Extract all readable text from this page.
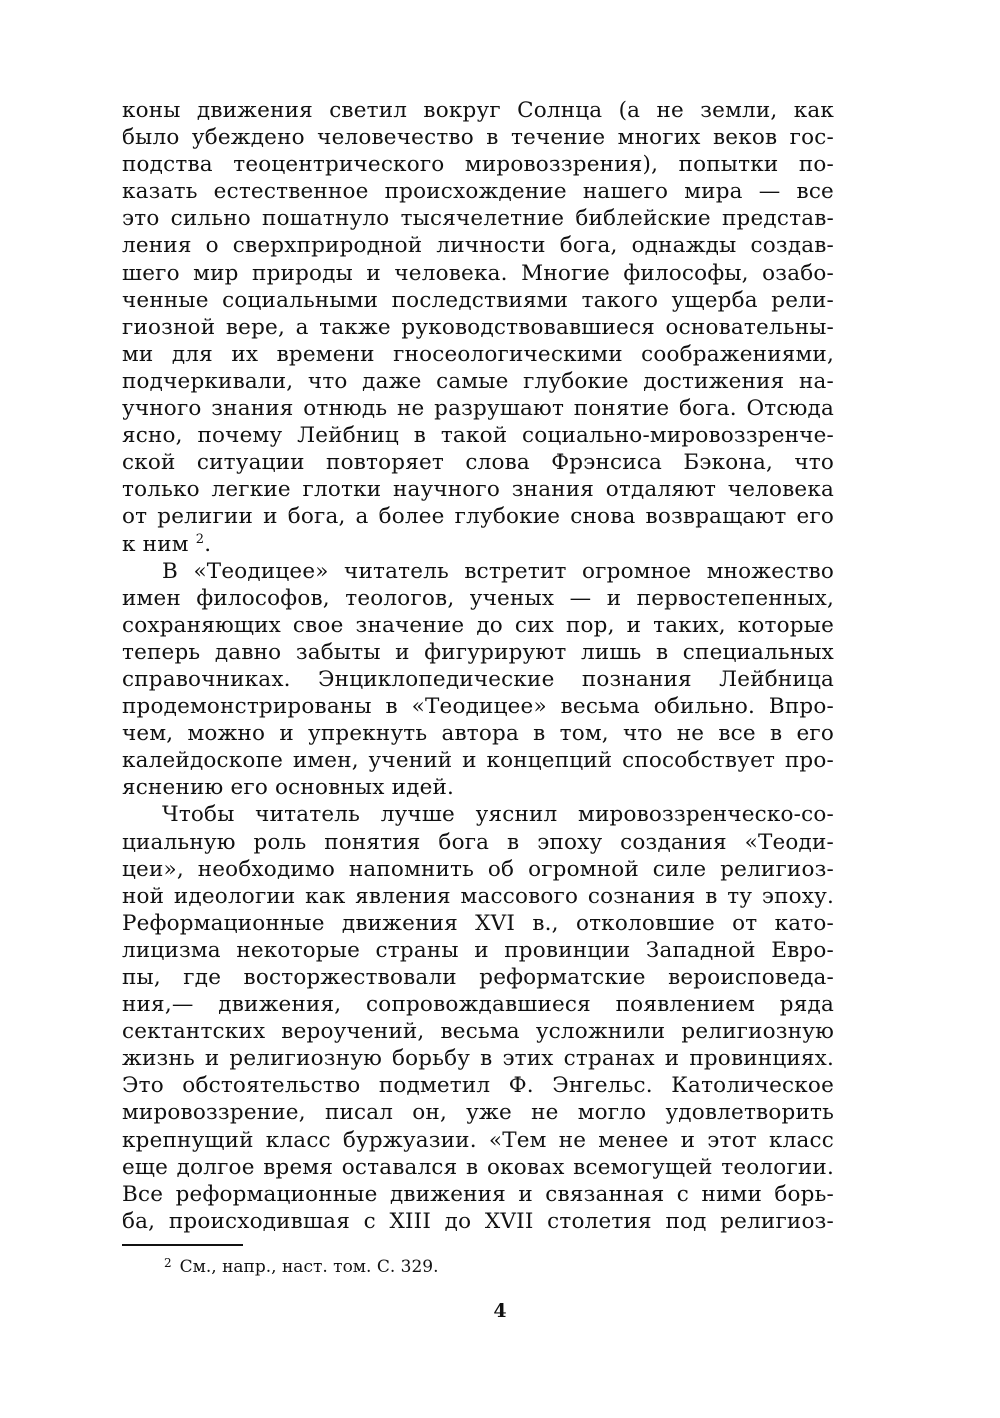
коны движения светил вокруг Солнца (а не земли, как
было убеждено человечество в течение многих веков гос-
подства теоцентрического мировоззрения), попытки по-
казать естественное происхождение нашего мира — все
это сильно пошатнуло тысячелетние библейские представ-
ления о сверхприродной личности бога, однажды создав-
шего мир природы и человека. Многие философы, озабо-
ченные социальными последствиями такого ущерба рели-
гиозной вере, а также руководствовавшиеся основательны-
ми для их времени гносеологическими соображениями,
подчеркивали, что даже самые глубокие достижения на-
учного знания отнюдь не разрушают понятие бога. Отсюда
ясно, почему Лейбниц в такой социально-мировоззренче-
ской ситуации повторяет слова Фрэнсиса Бэкона, что
только легкие глотки научного знания отдаляют человека
от религии и бога, а более глубокие снова возвращают его
к ним $^2$.
В «Теодицее» читатель встретит огромное множество
имен философов, теологов, ученых — и первостепенных,
сохраняющих свое значение до сих пор, и таких, которые
теперь давно забыты и фигурируют лишь в специальных
справочниках. Энциклопедические познания Лейбница
продемонстрированы в «Теодицее» весьма обильно. Впро-
чем, можно и упрекнуть автора в том, что не все в его
калейдоскопе имен, учений и концепций способствует про-
яснению его основных идей.
Чтобы читатель лучше уяснил мировоззренческо-со-
циальную роль понятия бога в эпоху создания «Теоди-
цеи», необходимо напомнить об огромной силе религиоз-
ной идеологии как явления массового сознания в ту эпоху.
Реформационные движения XVI в., отколовшие от като-
лицизма некоторые страны и провинции Западной Евро-
пы, где восторжествовали реформатские вероисповеда-
ния,— движения, сопровождавшиеся появлением ряда
сектантских вероучений, весьма усложнили религиозную
жизнь и религиозную борьбу в этих странах и провинциях.
Это обстоятельство подметил Ф. Энгельс. Католическое
мировоззрение, писал он, уже не могло удовлетворить
крепнущий класс буржуазии. «Тем не менее и этот класс
еще долгое время оставался в оковах всемогущей теологии.
Все реформационные движения и связанная с ними борь-
ба, происходившая с XIII до XVII столетия под религиоз-
$^2$ См., напр., наст. том. С. 329.
4
